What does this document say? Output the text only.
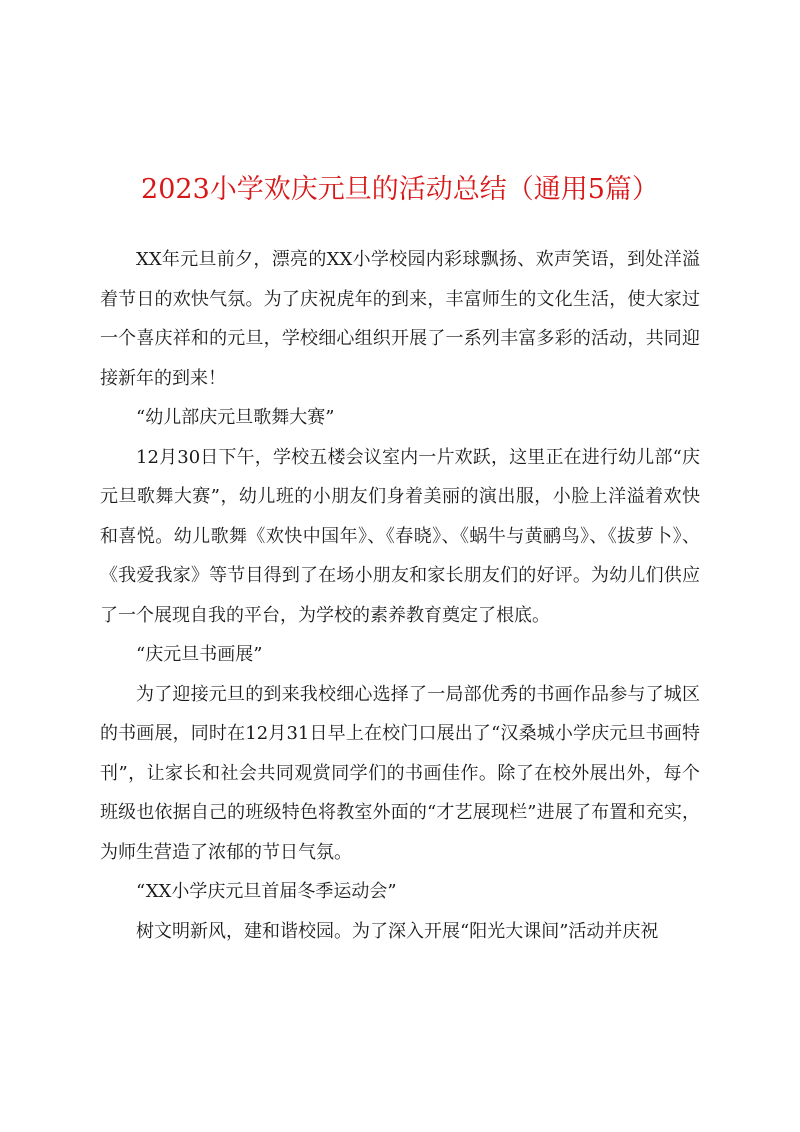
2023小学欢庆元旦的活动总结（通用5篇）

XX年元旦前夕，漂亮的XX小学校园内彩球飘扬、欢声笑语，到处洋溢着节日的欢快气氛。为了庆祝虎年的到来，丰富师生的文化生活，使大家过一个喜庆祥和的元旦，学校细心组织开展了一系列丰富多彩的活动，共同迎接新年的到来！

“幼儿部庆元旦歌舞大赛”

12月30日下午，学校五楼会议室内一片欢跃，这里正在进行幼儿部“庆元旦歌舞大赛”，幼儿班的小朋友们身着美丽的演出服，小脸上洋溢着欢快和喜悦。幼儿歌舞《欢快中国年》、《春晓》、《蜗牛与黄鹂鸟》、《拔萝卜》、《我爱我家》等节目得到了在场小朋友和家长朋友们的好评。为幼儿们供应了一个展现自我的平台，为学校的素养教育奠定了根底。

“庆元旦书画展”

为了迎接元旦的到来我校细心选择了一局部优秀的书画作品参与了城区的书画展，同时在12月31日早上在校门口展出了“汉桑城小学庆元旦书画特刊”，让家长和社会共同观赏同学们的书画佳作。除了在校外展出外，每个班级也依据自己的班级特色将教室外面的“才艺展现栏”进展了布置和充实，为师生营造了浓郁的节日气氛。

“XX小学庆元旦首届冬季运动会”

树文明新风，建和谐校园。为了深入开展“阳光大课间”活动并庆祝
